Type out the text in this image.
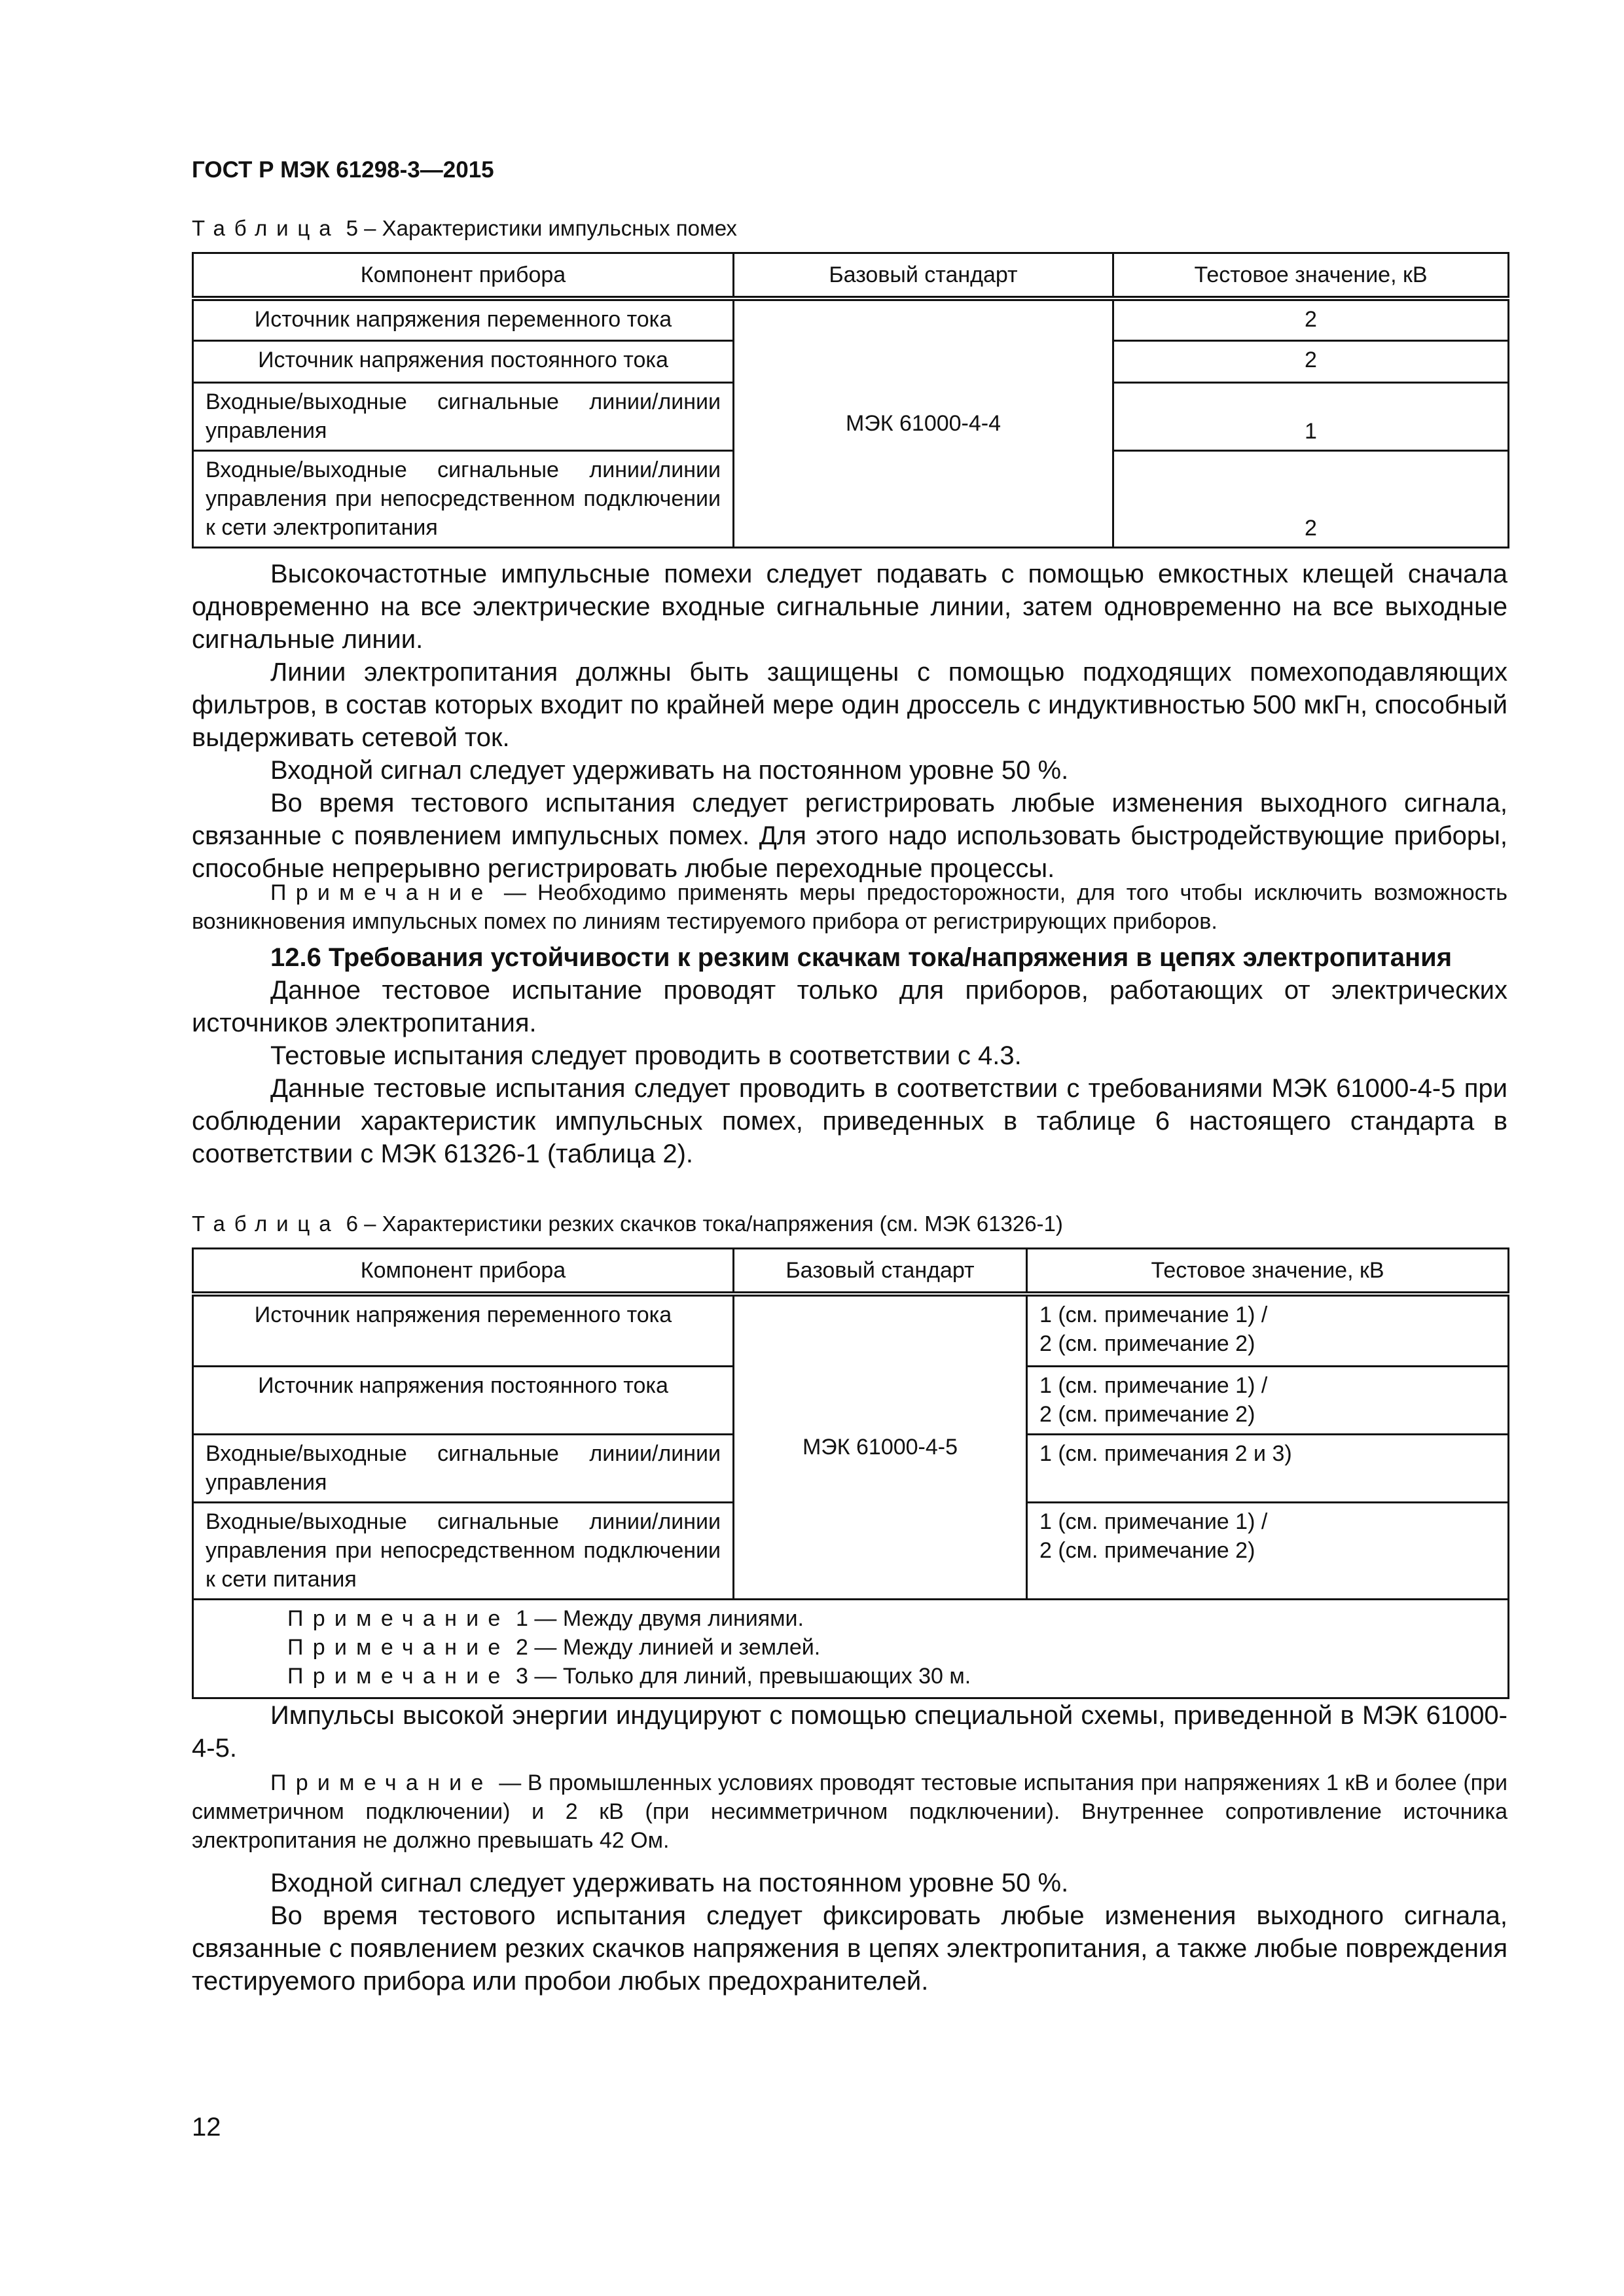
ГОСТ Р МЭК 61298-3—2015
Таблица 5 – Характеристики импульсных помех
Компонент прибора	Базовый стандарт	Тестовое значение, кВ
Источник напряжения переменного тока	МЭК 61000-4-4	2
Источник напряжения постоянного тока		2
Входные/выходные сигнальные линии/линии управления		1
Входные/выходные сигнальные линии/линии управления при непосредственном подключении к сети электропитания		2

Высокочастотные импульсные помехи следует подавать с помощью емкостных клещей сначала одновременно на все электрические входные сигнальные линии, затем одновременно на все выходные сигнальные линии.

Линии электропитания должны быть защищены с помощью подходящих помехоподавляющих фильтров, в состав которых входит по крайней мере один дроссель с индуктивностью 500 мкГн, способный выдерживать сетевой ток.

Входной сигнал следует удерживать на постоянном уровне 50 %.

Во время тестового испытания следует регистрировать любые изменения выходного сигнала, связанные с появлением импульсных помех. Для этого надо использовать быстродействующие приборы, способные непрерывно регистрировать любые переходные процессы.

Примечание — Необходимо применять меры предосторожности, для того чтобы исключить возможность возникновения импульсных помех по линиям тестируемого прибора от регистрирующих приборов.

12.6 Требования устойчивости к резким скачкам тока/напряжения в цепях электропитания

Данное тестовое испытание проводят только для приборов, работающих от электрических источников электропитания.

Тестовые испытания следует проводить в соответствии с 4.3.

Данные тестовые испытания следует проводить в соответствии с требованиями МЭК 61000-4-5 при соблюдении характеристик импульсных помех, приведенных в таблице 6 настоящего стандарта в соответствии с МЭК 61326-1 (таблица 2).

Таблица 6 – Характеристики резких скачков тока/напряжения (см. МЭК 61326-1)
Компонент прибора	Базовый стандарт	Тестовое значение, кВ
Источник напряжения переменного тока	МЭК 61000-4-5	1 (см. примечание 1) /
2 (см. примечание 2)

Источник напряжения постоянного тока		1 (см. примечание 1) /
2 (см. примечание 2)

Входные/выходные сигнальные линии/линии управления		1 (см. примечания 2 и 3)

Входные/выходные сигнальные линии/линии управления при непосредственном подключении к сети питания		1 (см. примечание 1) /
2 (см. примечание 2)

Примечание 1 — Между двумя линиями.
Примечание 2 — Между линией и землей.
Примечание 3 — Только для линий, превышающих 30 м.		

Импульсы высокой энергии индуцируют с помощью специальной схемы, приведенной в МЭК 61000-4-5.

Примечание — В промышленных условиях проводят тестовые испытания при напряжениях 1 кВ и более (при симметричном подключении) и 2 кВ (при несимметричном подключении). Внутреннее сопротивление источника электропитания не должно превышать 42 Ом.

Входной сигнал следует удерживать на постоянном уровне 50 %.

Во время тестового испытания следует фиксировать любые изменения выходного сигнала, связанные с появлением резких скачков напряжения в цепях электропитания, а также любые повреждения тестируемого прибора или пробои любых предохранителей.

12
